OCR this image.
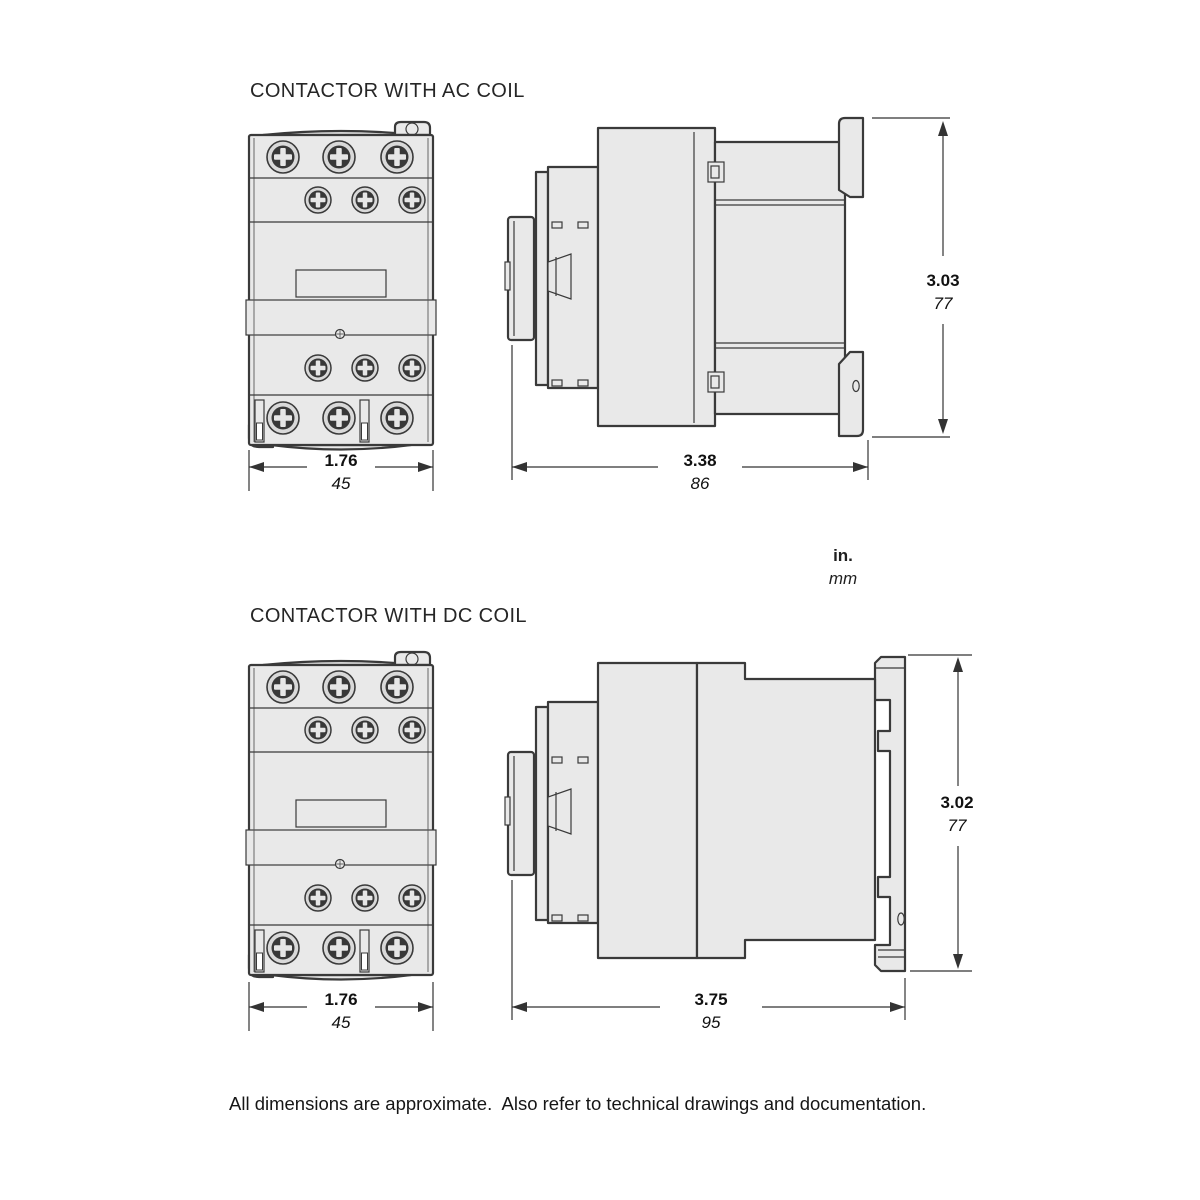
CONTACTOR WITH AC COIL
1.76
45
3.38
86
3.03
77
in.
mm
CONTACTOR WITH DC COIL
1.76
45
3.75
95
3.02
77
All dimensions are approximate.  Also refer to technical drawings and documentation.
